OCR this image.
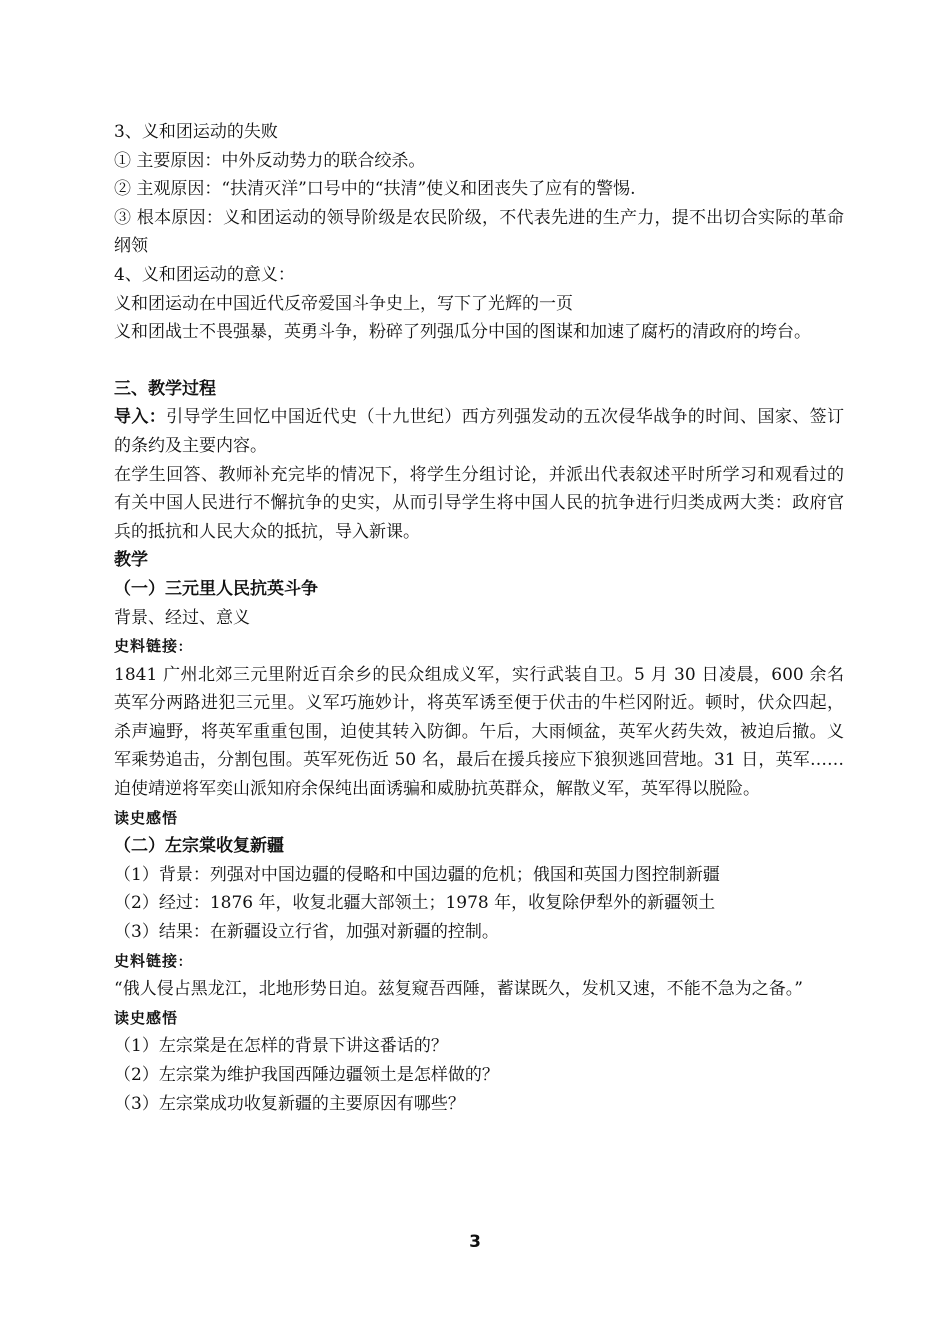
3、义和团运动的失败

① 主要原因：中外反动势力的联合绞杀。

② 主观原因：“扶清灭洋”口号中的“扶清”使义和团丧失了应有的警惕.

③ 根本原因：义和团运动的领导阶级是农民阶级，不代表先进的生产力，提不出切合实际的革命纲领

4、义和团运动的意义：

义和团运动在中国近代反帝爱国斗争史上，写下了光辉的一页

义和团战士不畏强暴，英勇斗争，粉碎了列强瓜分中国的图谋和加速了腐朽的清政府的垮台。

三、教学过程

导入：引导学生回忆中国近代史（十九世纪）西方列强发动的五次侵华战争的时间、国家、签订的条约及主要内容。

在学生回答、教师补充完毕的情况下，将学生分组讨论，并派出代表叙述平时所学习和观看过的有关中国人民进行不懈抗争的史实，从而引导学生将中国人民的抗争进行归类成两大类：政府官兵的抵抗和人民大众的抵抗，导入新课。

教学

（一）三元里人民抗英斗争

背景、经过、意义

史料链接:

1841 广州北郊三元里附近百余乡的民众组成义军，实行武装自卫。5 月 30 日凌晨，600 余名英军分两路进犯三元里。义军巧施妙计，将英军诱至便于伏击的牛栏冈附近。顿时，伏众四起，杀声遍野，将英军重重包围，迫使其转入防御。午后，大雨倾盆，英军火药失效，被迫后撤。义军乘势追击，分割包围。英军死伤近 50 名，最后在援兵接应下狼狈逃回营地。31 日，英军……迫使靖逆将军奕山派知府余保纯出面诱骗和威胁抗英群众，解散义军，英军得以脱险。

读史感悟

（二）左宗棠收复新疆

（1）背景：列强对中国边疆的侵略和中国边疆的危机；俄国和英国力图控制新疆

（2）经过：1876 年，收复北疆大部领土；1978 年，收复除伊犁外的新疆领土

（3）结果：在新疆设立行省，加强对新疆的控制。

史料链接:

“俄人侵占黑龙江，北地形势日迫。兹复窥吾西陲，蓄谋既久，发机又速，不能不急为之备。”

读史感悟

（1）左宗棠是在怎样的背景下讲这番话的？

（2）左宗棠为维护我国西陲边疆领土是怎样做的？

（3）左宗棠成功收复新疆的主要原因有哪些？

3
